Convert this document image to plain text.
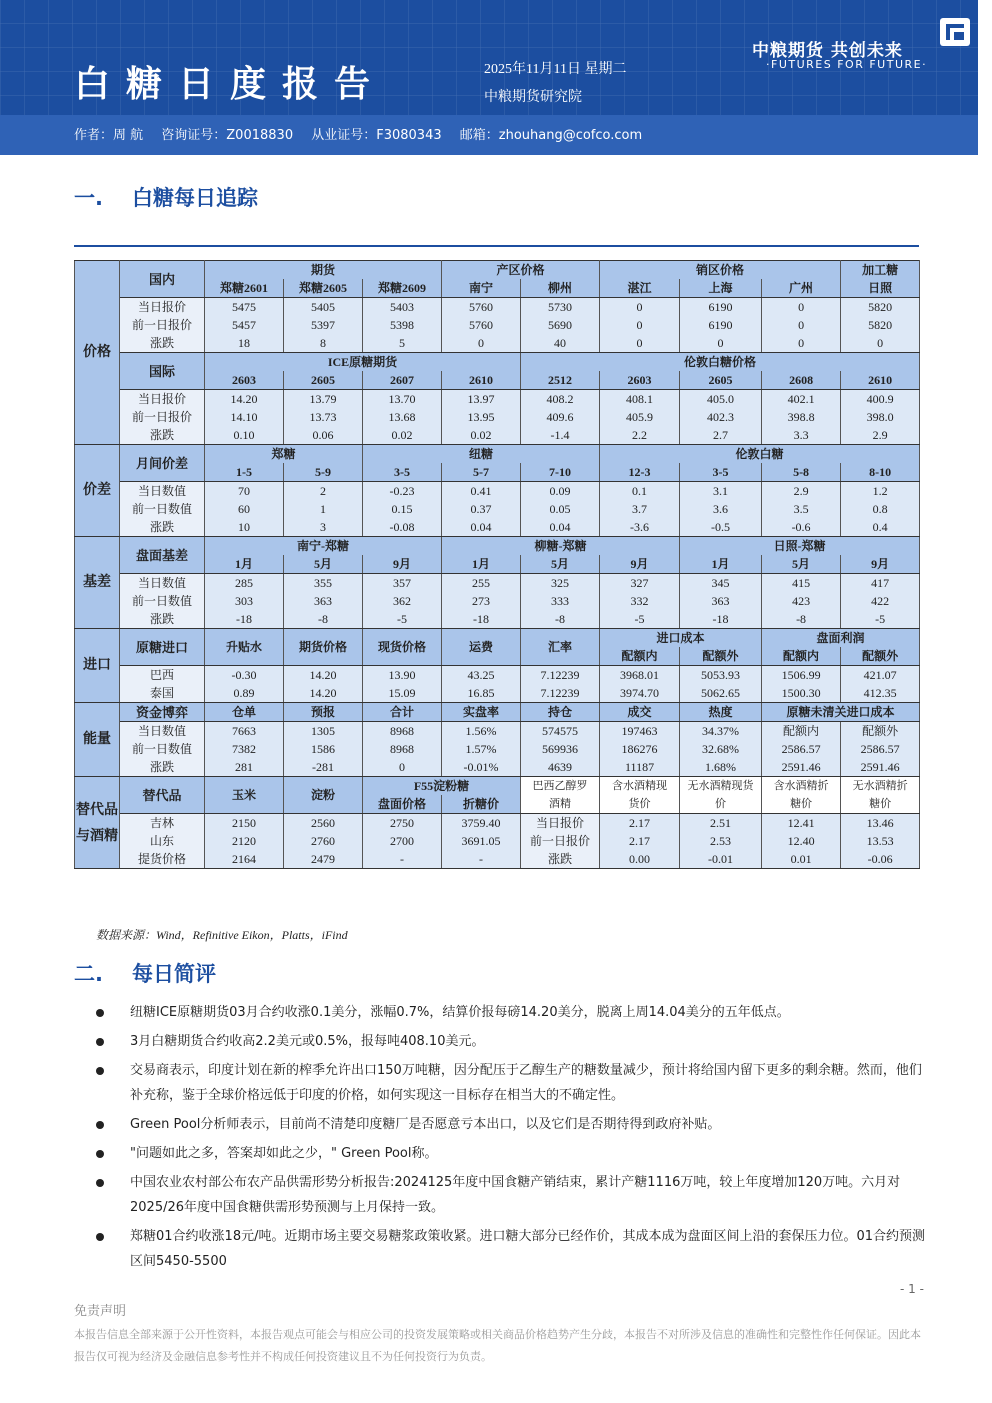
白糖日度报告	2025年11月11日 星期二
中粮期货研究院
中粮期货 共创未来
·FUTURES FOR FUTURE·
作者：周 航 咨询证号：Z0018830 从业证号：F3080343 邮箱：zhouhang@cofco.com
一. 白糖每日追踪
价格	国内	期货			产区价格		销区价格			加工糖
		郑糖2601	郑糖2605	郑糖2609	南宁	柳州	湛江	上海	广州	日照
	当日报价	5475	5405	5403	5760	5730	0	6190	0	5820
	前一日报价	5457	5397	5398	5760	5690	0	6190	0	5820
	涨跌	18	8	5	0	40	0	0	0	0
	国际	ICE原糖期货				伦敦白糖价格				
		2603	2605	2607	2610	2512	2603	2605	2608	2610
	当日报价	14.20	13.79	13.70	13.97	408.2	408.1	405.0	402.1	400.9
	前一日报价	14.10	13.73	13.68	13.95	409.6	405.9	402.3	398.8	398.0
	涨跌	0.10	0.06	0.02	0.02	-1.4	2.2	2.7	3.3	2.9
价差	月间价差	郑糖		纽糖			伦敦白糖			
		1-5	5-9	3-5	5-7	7-10	12-3	3-5	5-8	8-10
	当日数值	70	2	-0.23	0.41	0.09	0.1	3.1	2.9	1.2
	前一日数值	60	1	0.15	0.37	0.05	3.7	3.6	3.5	0.8
	涨跌	10	3	-0.08	0.04	0.04	-3.6	-0.5	-0.6	0.4
基差	盘面基差	南宁-郑糖			柳糖-郑糖			日照-郑糖		
		1月	5月	9月	1月	5月	9月	1月	5月	9月
	当日数值	285	355	357	255	325	327	345	415	417
	前一日数值	303	363	362	273	333	332	363	423	422
	涨跌	-18	-8	-5	-18	-8	-5	-18	-8	-5
进口	原糖进口	升贴水	期货价格	现货价格	运费	汇率	进口成本		盘面利润	
							配额内	配额外	配额内	配额外
	巴西	-0.30	14.20	13.90	43.25	7.12239	3968.01	5053.93	1506.99	421.07
	泰国	0.89	14.20	15.09	16.85	7.12239	3974.70	5062.65	1500.30	412.35
能量	资金博弈	仓单	预报	合计	实盘率	持仓	成交	热度	原糖未清关进口成本	
	当日数值	7663	1305	8968	1.56%	574575	197463	34.37%	配额内	配额外
	前一日数值	7382	1586	8968	1.57%	569936	186276	32.68%	2586.57	2586.57
	涨跌	281	-281	0	-0.01%	4639	11187	1.68%	2591.46	2591.46
替代品与酒精	替代品	玉米	淀粉	F55淀粉糖		巴西乙醇罗	含水酒精现	无水酒精现货	含水酒精折	无水酒精折
				盘面价格	折糖价	酒精	货价	价	糖价	糖价
	吉林	2150	2560	2750	3759.40	当日报价	2.17	2.51	12.41	13.46
	山东	2120	2760	2700	3691.05	前一日报价	2.17	2.53	12.40	13.53
	提货价格	2164	2479	-	-	涨跌	0.00	-0.01	0.01	-0.06
数据来源：Wind，Refinitive Eikon，Platts，iFind
二. 每日简评
纽糖ICE原糖期货03月合约收涨0.1美分，涨幅0.7%，结算价报每磅14.20美分，脱离上周14.04美分的五年低点。
3月白糖期货合约收高2.2美元或0.5%，报每吨408.10美元。
交易商表示，印度计划在新的榨季允许出口150万吨糖，因分配压于乙醇生产的糖数量减少，预计将给国内留下更多的剩余糖。然而，他们补充称，鉴于全球价格远低于印度的价格，如何实现这一目标存在相当大的不确定性。
Green Pool分析师表示，目前尚不清楚印度糖厂是否愿意亏本出口，以及它们是否期待得到政府补贴。
"问题如此之多，答案却如此之少，" Green Pool称。
中国农业农村部公布农产品供需形势分析报告:2024125年度中国食糖产销结束，累计产糖1116万吨，较上年度增加120万吨。六月对2025/26年度中国食糖供需形势预测与上月保持一致。
郑糖01合约收涨18元/吨。近期市场主要交易糖浆政策收紧。进口糖大部分已经作价，其成本成为盘面区间上沿的套保压力位。01合约预测区间5450-5500
- 1 -
免责声明
本报告信息全部来源于公开性资料，本报告观点可能会与相应公司的投资发展策略或相关商品价格趋势产生分歧，本报告不对所涉及信息的准确性和完整性作任何保证。因此本报告仅可视为经济及金融信息参考性并不构成任何投资建议且不为任何投资行为负责。
